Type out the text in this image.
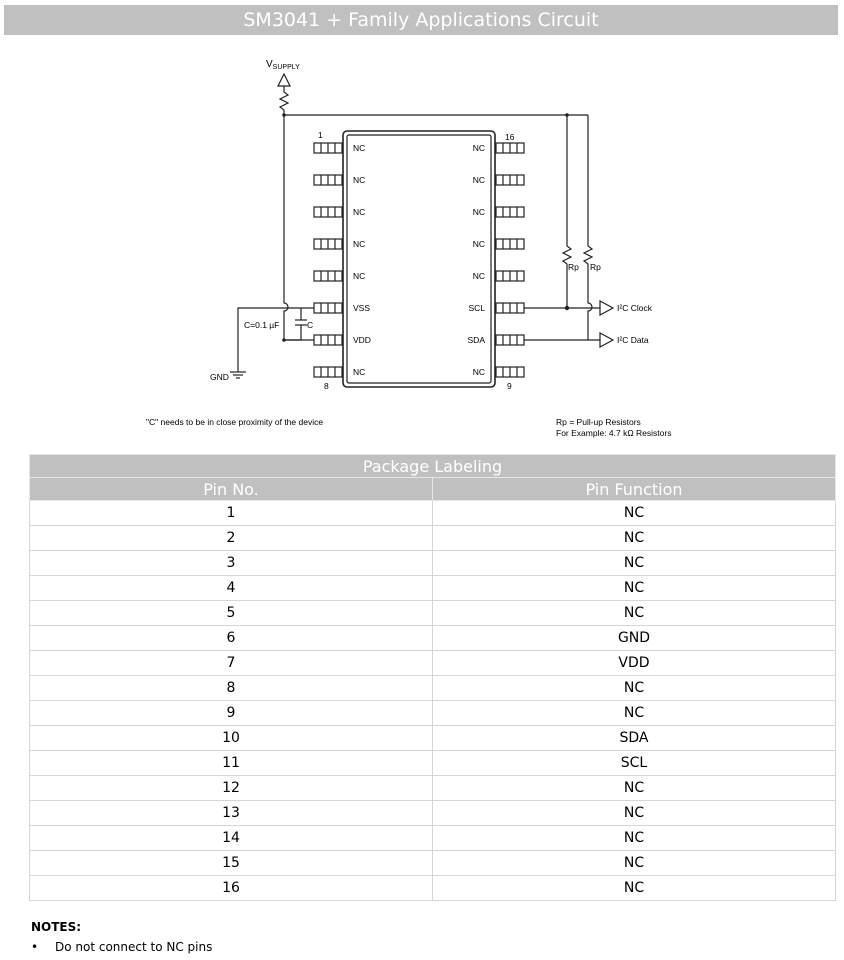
SM3041 + Family Applications Circuit
$V_{SUPPLY}$
1	16
8	9
NC
NC
NC
NC
NC
VSS
VDD
NC
NC
NC
NC
NC
NC
SCL
SDA
NC
C=0.1 µF	C
GND
Rp Rp
I²C Clock
I²C Data
"C" needs to be in close proximity of the device	Rp = Pull-up Resistors
For Example: 4.7 kΩ Resistors
Package Labeling	
Pin No.	Pin Function
1	NC
2	NC
3	NC
4	NC
5	NC
6	GND
7	VDD
8	NC
9	NC
10	SDA
11	SCL
12	NC
13	NC
14	NC
15	NC
16	NC
NOTES:
• Do not connect to NC pins
